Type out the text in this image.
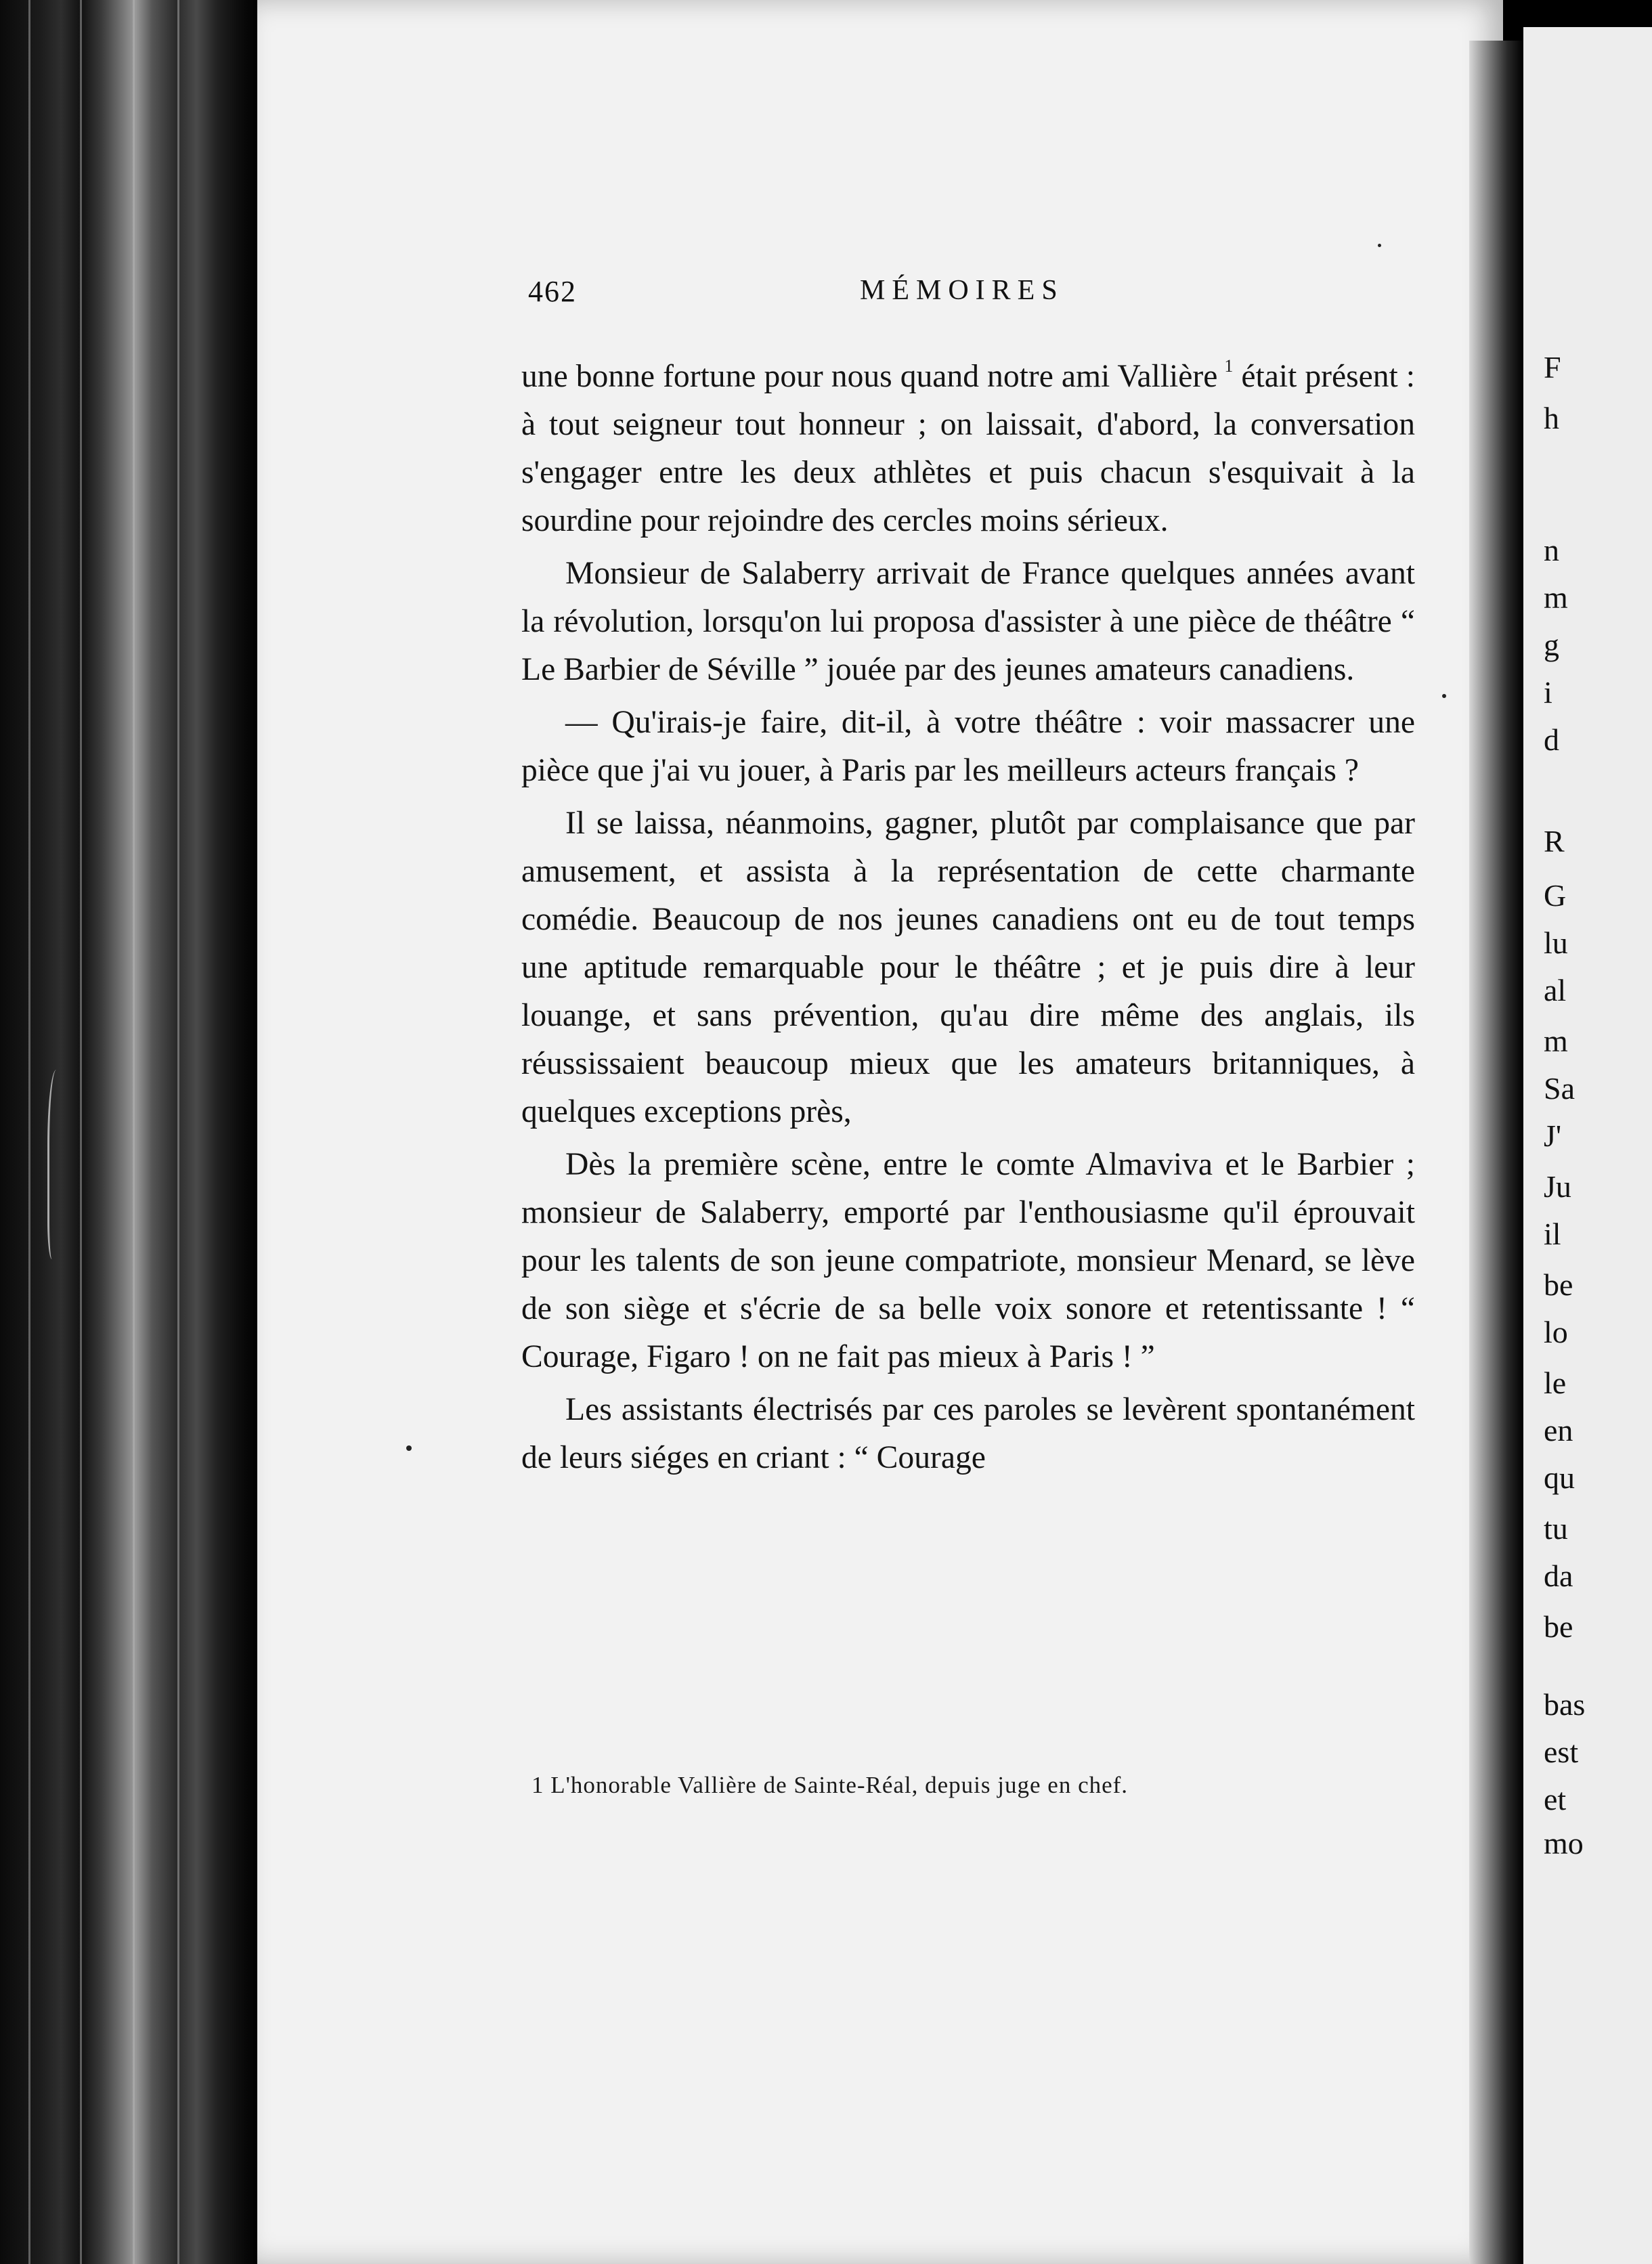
F
h
n
m
g
i
d
R
G
lu
al
m
Sa
J'
Ju
il
be
lo
le
en
qu
tu
da
be
bas
est
et
mo
462	MÉMOIRES

une bonne fortune pour nous quand notre ami Vallière $^1$ était présent : à tout seigneur tout honneur ; on laissait, d'abord, la conversation s'engager entre les deux athlètes et puis chacun s'esquivait à la sourdine pour rejoindre des cercles moins sérieux.

Monsieur de Salaberry arrivait de France quelques années avant la révolution, lorsqu'on lui proposa d'assister à une pièce de théâtre “ Le Barbier de Séville ” jouée par des jeunes amateurs canadiens.

— Qu'irais-je faire, dit-il, à votre théâtre : voir massacrer une pièce que j'ai vu jouer, à Paris par les meilleurs acteurs français ?

Il se laissa, néanmoins, gagner, plutôt par complaisance que par amusement, et assista à la représentation de cette charmante comédie. Beaucoup de nos jeunes canadiens ont eu de tout temps une aptitude remarquable pour le théâtre ; et je puis dire à leur louange, et sans prévention, qu'au dire même des anglais, ils réussissaient beaucoup mieux que les amateurs britanniques, à quelques exceptions près,

Dès la première scène, entre le comte Almaviva et le Barbier ; monsieur de Salaberry, emporté par l'enthousiasme qu'il éprouvait pour les talents de son jeune compatriote, monsieur Menard, se lève de son siège et s'écrie de sa belle voix sonore et retentissante ! “ Courage, Figaro ! on ne fait pas mieux à Paris ! ”

Les assistants électrisés par ces paroles se levèrent spontanément de leurs siéges en criant : “ Courage

1 L'honorable Vallière de Sainte-Réal, depuis juge en chef.
